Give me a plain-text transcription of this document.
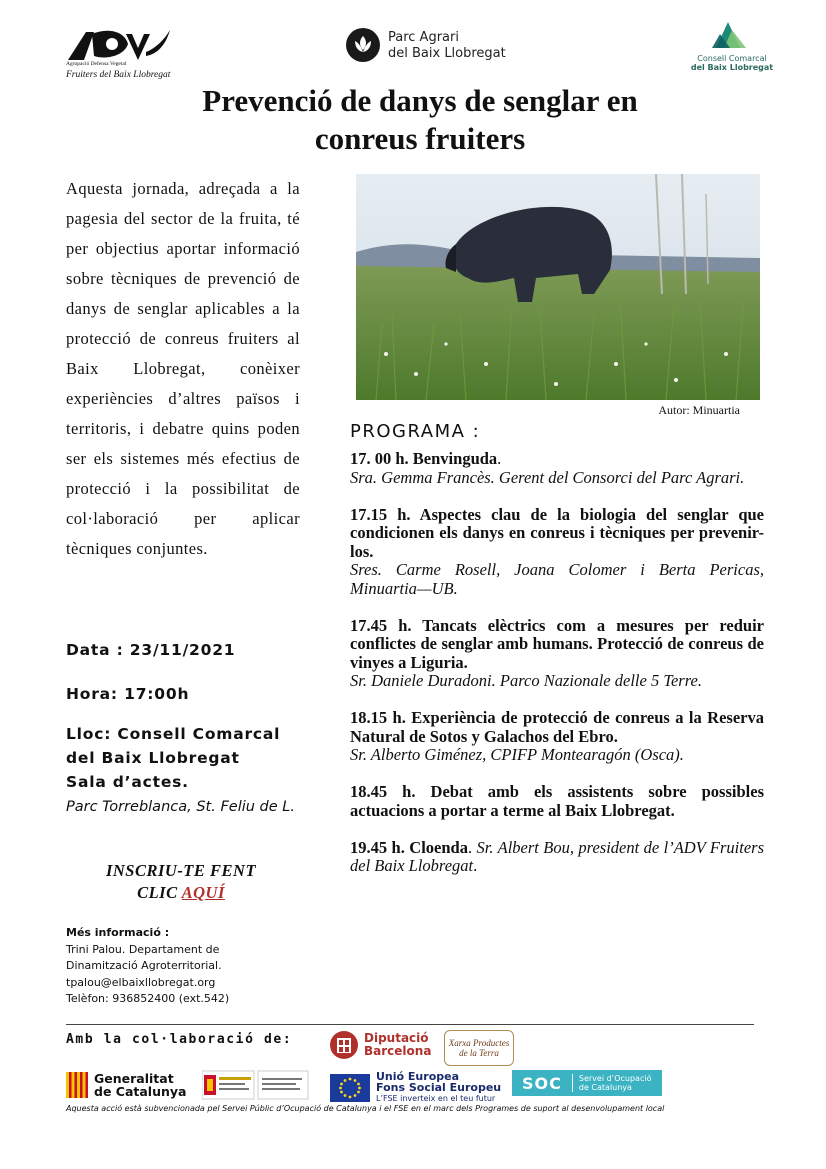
Agrupació Defensa Vegetal
Fruiters del Baix Llobregat
Parc Agrari
del Baix Llobregat	Consell Comarcal
del Baix Llobregat
Prevenció de danys de senglar en
conreus fruiters
Aquesta jornada, adreçada a la pagesia del sector de la fruita, té per objectius aportar informació sobre tècniques de prevenció de danys de senglar aplicables a la protecció de conreus fruiters al Baix Llobregat, conèixer experiències d’altres països i territoris, i debatre quins poden ser els sistemes més efectius de protecció i la possibilitat de col·laboració per aplicar tècniques conjuntes.
Data : 23/11/2021
Hora: 17:00h
Lloc: Consell Comarcal
del Baix Llobregat
Sala d’actes.
Parc Torreblanca, St. Feliu de L.
INSCRIU-TE FENT
CLIC AQUÍ
Més informació :
Trini Palou. Departament de
Dinamització Agroterritorial.
tpalou@elbaixllobregat.org
Telèfon: 936852400 (ext.542)
Autor: Minuartia
PROGRAMA :
17. 00 h. Benvinguda.
Sra. Gemma Francès. Gerent del Consorci del Parc Agrari.
17.15 h. Aspectes clau de la biologia del senglar que condicionen els danys en conreus i tècniques per prevenir-los.
Sres. Carme Rosell, Joana Colomer i Berta Pericas, Minuartia—UB.
17.45 h. Tancats elèctrics com a mesures per reduir conflictes de senglar amb humans. Protecció de conreus de vinyes a Liguria.
Sr. Daniele Duradoni. Parco Nazionale delle 5 Terre.
18.15 h. Experiència de protecció de conreus a la Reserva Natural de Sotos y Galachos del Ebro.
Sr. Alberto Giménez, CPIFP Montearagón (Osca).
18.45 h. Debat amb els assistents sobre possibles actuacions a portar a terme al Baix Llobregat.
19.45 h. Cloenda. Sr. Albert Bou, president de l’ADV Fruiters del Baix Llobregat.
Amb la col·laboració de:	Diputació
Barcelona
Xarxa Productes de la Terra
Generalitat
de Catalunya
Unió Europea
Fons Social Europeu
L’FSE inverteix en el teu futur
SOC Servei d’Ocupació
de Catalunya
Aquesta acció està subvencionada pel Servei Públic d’Ocupació de Catalunya i el FSE en el marc dels Programes de suport al desenvolupament local
